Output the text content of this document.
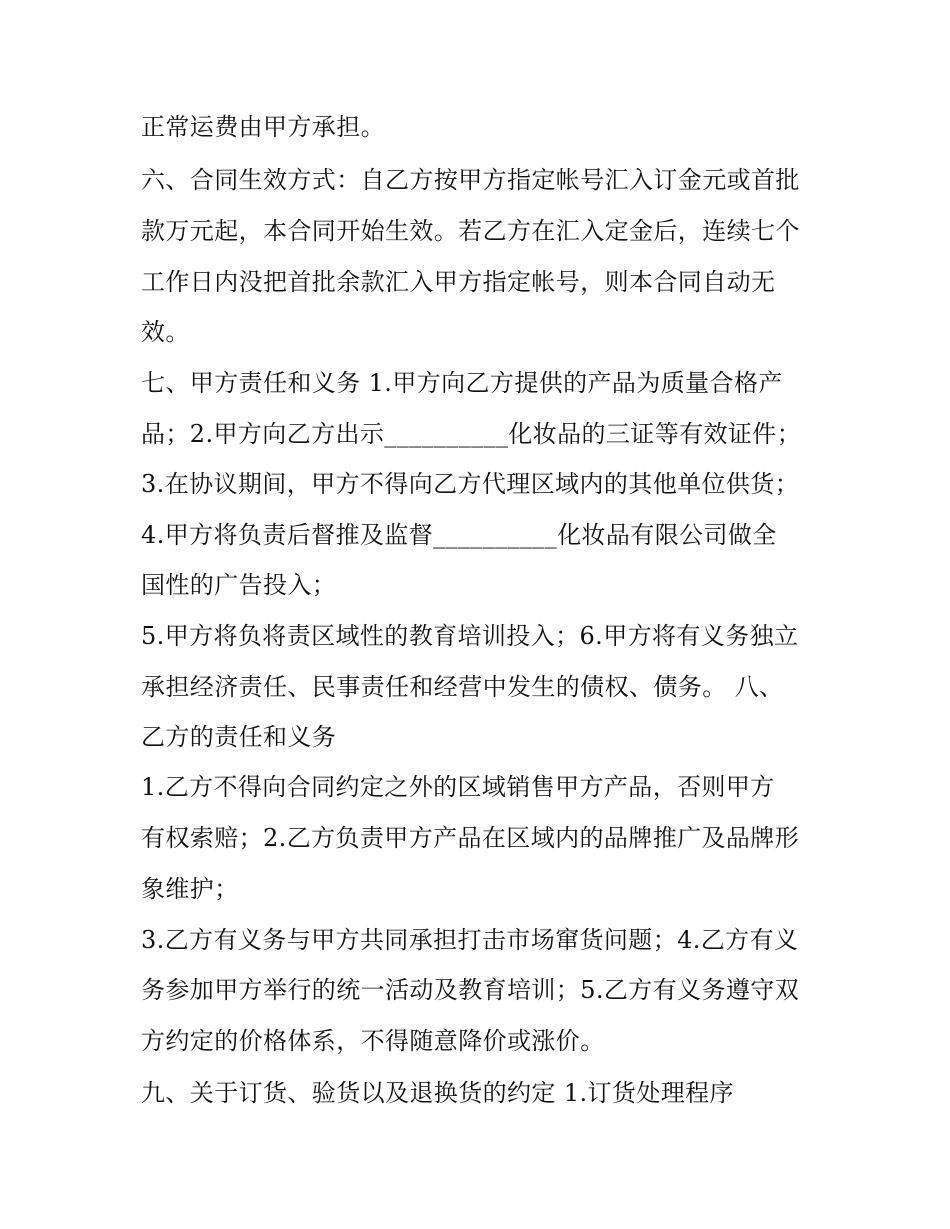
正常运费由甲方承担。
六、合同生效方式：自乙方按甲方指定帐号汇入订金元或首批
款万元起，本合同开始生效。若乙方在汇入定金后，连续七个
工作日内没把首批余款汇入甲方指定帐号，则本合同自动无
效。
七、甲方责任和义务 1.甲方向乙方提供的产品为质量合格产
品；2.甲方向乙方出示__________化妆品的三证等有效证件；
3.在协议期间，甲方不得向乙方代理区域内的其他单位供货；
4.甲方将负责后督推及监督__________化妆品有限公司做全
国性的广告投入；
5.甲方将负将责区域性的教育培训投入；6.甲方将有义务独立
承担经济责任、民事责任和经营中发生的债权、债务。 八、
乙方的责任和义务
1.乙方不得向合同约定之外的区域销售甲方产品，否则甲方
有权索赔；2.乙方负责甲方产品在区域内的品牌推广及品牌形
象维护；
3.乙方有义务与甲方共同承担打击市场窜货问题；4.乙方有义
务参加甲方举行的统一活动及教育培训；5.乙方有义务遵守双
方约定的价格体系，不得随意降价或涨价。
九、关于订货、验货以及退换货的约定 1.订货处理程序
